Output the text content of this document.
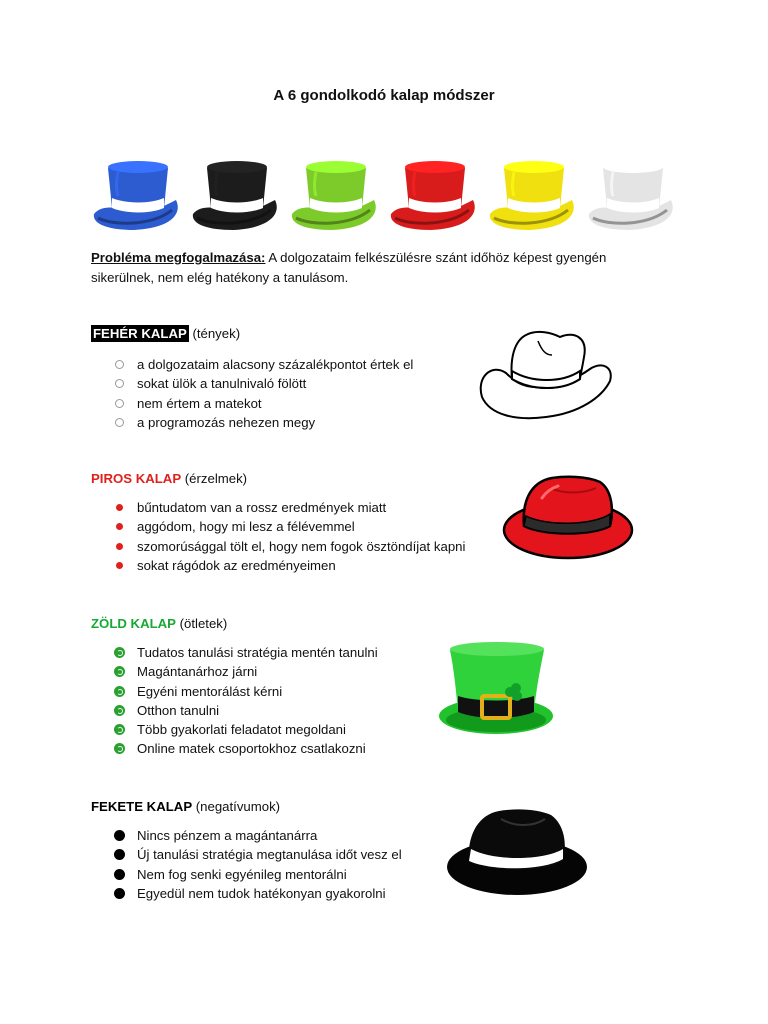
A 6 gondolkodó kalap módszer
Probléma megfogalmazása: A dolgozataim felkészülésre szánt időhöz képest gyengén sikerülnek, nem elég hatékony a tanulásom.
FEHÉR KALAP (tények)
a dolgozataim alacsony százalékpontot értek el
sokat ülök a tanulnivaló fölött
nem értem a matekot
a programozás nehezen megy
PIROS KALAP (érzelmek)
bűntudatom van a rossz eredmények miatt
aggódom, hogy mi lesz a félévemmel
szomorúsággal tölt el, hogy nem fogok ösztöndíjat kapni
sokat rágódok az eredményeimen
ZÖLD KALAP (ötletek)
Tudatos tanulási stratégia mentén tanulni
Magántanárhoz járni
Egyéni mentorálást kérni
Otthon tanulni
Több gyakorlati feladatot megoldani
Online matek csoportokhoz csatlakozni
FEKETE KALAP (negatívumok)
Nincs pénzem a magántanárra
Új tanulási stratégia megtanulása időt vesz el
Nem fog senki egyénileg mentorálni
Egyedül nem tudok hatékonyan gyakorolni
